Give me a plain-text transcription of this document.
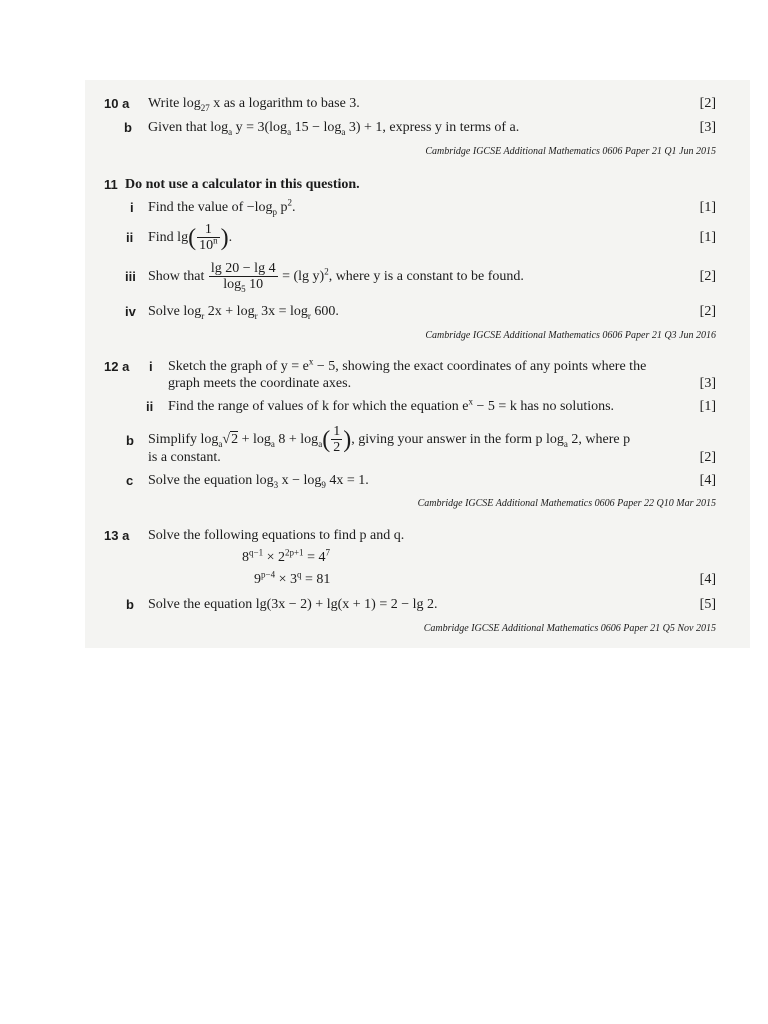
10 a Write $\log_{27} x$ as a logarithm to base 3.	[2]
b Given that $\log_a y = 3(\log_a$ $15 - \log_a 3) + 1$, express y in terms of a.	[3]
Cambridge IGCSE Additional Mathematics 0606 Paper 21 Q1 Jun 2015
11 Do not use a calculator in this question.
i Find the value of $-\log_p$ $p^2$.	[1]
ii Find $\lg( \frac{1}{10^n}$ ).	[1]
iii Show that $\frac{\lg 20 - \lg 4}{\log_5 10} = (\lg$ y)$^2$, where y is a constant to be found.	[2]
iv Solve $\log_r 2x + \log_r 3x = \log_r 600$.	[2]
Cambridge IGCSE Additional Mathematics 0606 Paper 21 Q3 Jun 2016
12 a i Sketch the graph of $y = e^x - 5$, showing the exact coordinates of any points where the
graph meets the coordinate axes.	[3]
ii Find the range of values of k for which the equation $e^x - 5 = k$ has no solutions.	[1]
b Simplify $\log_a√2 + \log_a 8 + \log_a( \frac{1}{2}$ ), giving your answer in the form p $\log_a 2$, where p
is a constant.	[2]
c Solve the equation $\log_3 x - \log_9 4x = 1$.	[4]
Cambridge IGCSE Additional Mathematics 0606 Paper 22 Q10 Mar 2015
13 a Solve the following equations to find p and q.
$8^{q-1} \times 2^{2p+1} = 4^7$
$9^{p-4} \times 3^q = 81$	[4]
b Solve the equation lg(3x − 2) + lg(x + 1) = 2 − lg 2.	[5]
Cambridge IGCSE Additional Mathematics 0606 Paper 21 Q5 Nov 2015
